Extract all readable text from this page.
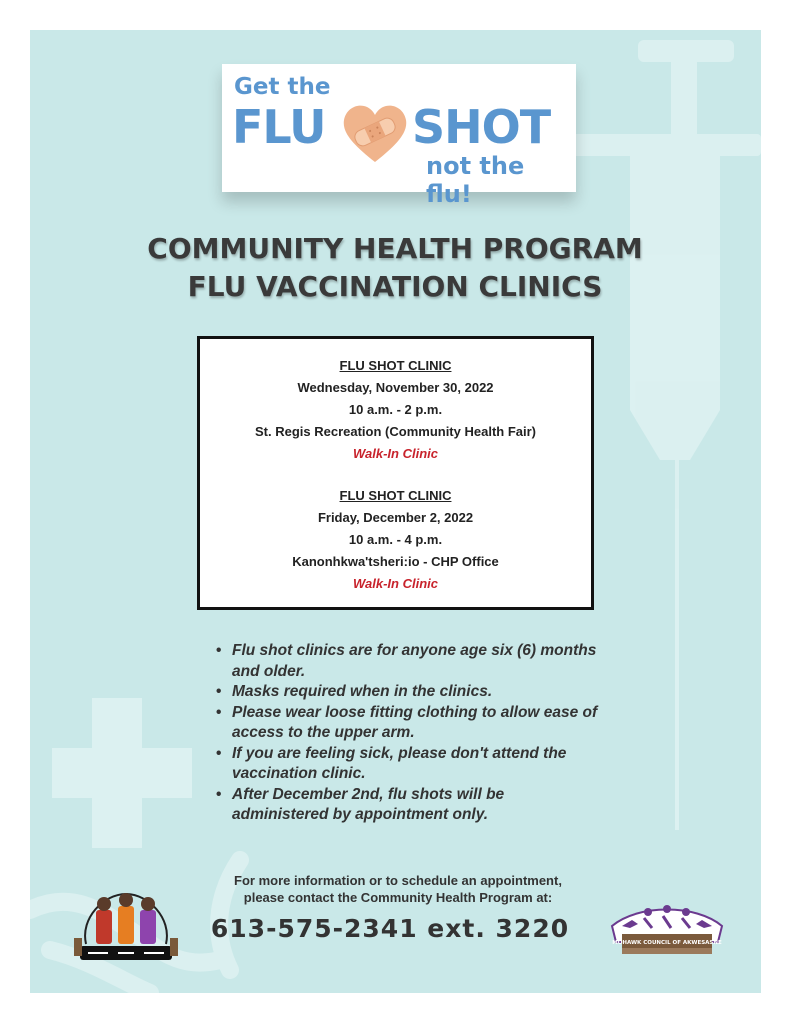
Get the
FLU SHOT
not the flu!
COMMUNITY HEALTH PROGRAM
FLU VACCINATION CLINICS
FLU SHOT CLINIC
Wednesday, November 30, 2022
10 a.m. - 2 p.m.
St. Regis Recreation (Community Health Fair)
Walk-In Clinic
FLU SHOT CLINIC
Friday, December 2, 2022
10 a.m. - 4 p.m.
Kanonhkwa'tsheri:io - CHP Office
Walk-In Clinic
• Flu shot clinics are for anyone age six (6) months and older.
• Masks required when in the clinics.
• Please wear loose fitting clothing to allow ease of access to the upper arm.
• If you are feeling sick, please don't attend the vaccination clinic.
• After December 2nd, flu shots will be administered by appointment only.
For more information or to schedule an appointment,
please contact the Community Health Program at:
613-575-2341 ext. 3220	MOHAWK COUNCIL OF AKWESASNE
